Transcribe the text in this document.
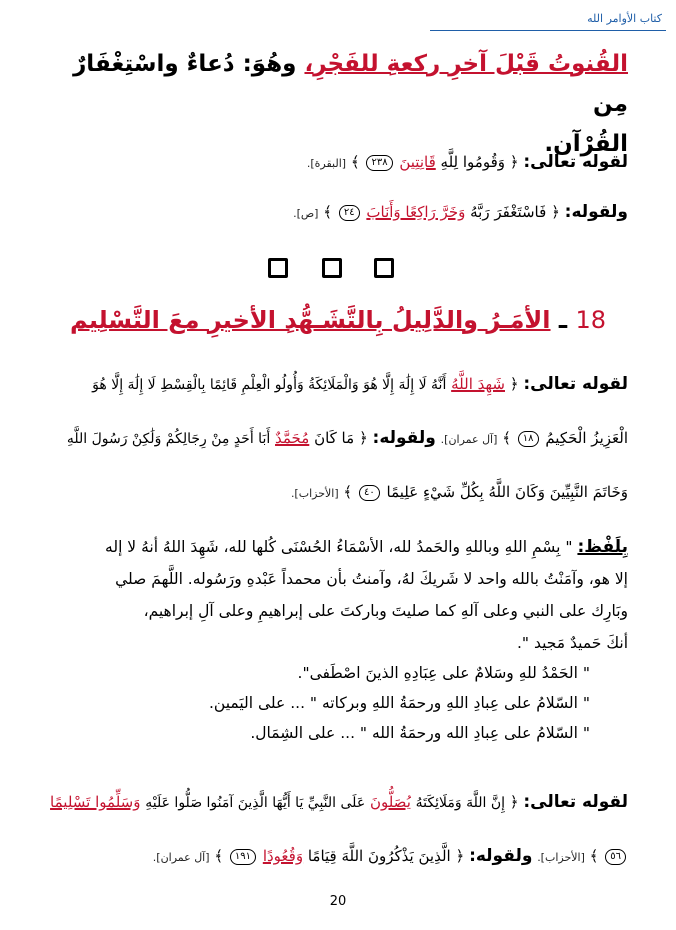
كتاب الأوامر الله
القُنوتُ قَبْلَ آخرِ ركعةِ للفَجْرِ، وهُوَ: دُعاءٌ واسْتِغْفَارٌ مِن
القُرْآن.
لقوله تعالى: ﴿ وَقُومُوا لِلَّهِ قَانِتِينَ ٢٣٨ ﴾ [البقرة].
ولقوله: ﴿ فَاسْتَغْفَرَ رَبَّهُ وَخَرَّ رَاكِعًا وَأَنَابَ ٢٤ ﴾ [ص].
18 ـ الأمَـرُ والدَّلِيلُ بِالتَّشَـهُّدِ الأخيرِ معَ التَّسْلِيم
لقوله تعالى: ﴿ شَهِدَ اللَّهُ أَنَّهُ لَا إِلَٰهَ إِلَّا هُوَ وَالْمَلَائِكَةُ وَأُولُو الْعِلْمِ قَائِمًا بِالْقِسْطِ لَا إِلَٰهَ إِلَّا هُوَ
الْعَزِيزُ الْحَكِيمُ ١٨ ﴾ [آل عمران]. ولقوله: ﴿ مَا كَانَ مُحَمَّدٌ أَبَا أَحَدٍ مِنْ رِجَالِكُمْ وَلَٰكِنْ رَسُولَ اللَّهِ
وَخَاتَمَ النَّبِيِّينَ وَكَانَ اللَّهُ بِكُلِّ شَيْءٍ عَلِيمًا ٤٠ ﴾ [الأحزاب].
بِلَفْظ: " بِسْمِ اللهِ وباللهِ والحَمدُ لله، الأسْمَاءُ الحُسْنَى كُلها لله، شَهِدَ اللهُ أنهُ لا إله
إلا هو، وآمَنْتُ بالله واحد لا شَريكَ لهُ، وآمنتُ بأن محمداً عَبْدهِ ورَسُوله. اللَّهمَ صلي
وبَارِك على النبي وعلى آلهِ كما صليتَ وباركتَ على إبراهيمِ وعلى آلِ إبراهيم،
أنكَ حَميدٌ مَجيد ".
" الحَمْدُ للهِ وسَلامٌ على عِبَادِهِ الذينَ اصْطَفى".
" السّلامُ على عِبادِ اللهِ ورحمَةُ اللهِ وبركاته " ... على اليَمين.
" السّلامُ على عِبادِ الله ورحمَةُ الله " ... على الشِمَال.
لقوله تعالى: ﴿ إِنَّ اللَّهَ وَمَلَائِكَتَهُ يُصَلُّونَ عَلَى النَّبِيِّ يَا أَيُّهَا الَّذِينَ آمَنُوا صَلُّوا عَلَيْهِ وَسَلِّمُوا تَسْلِيمًا
٥٦ ﴾ [الأحزاب]. ولقوله: ﴿ الَّذِينَ يَذْكُرُونَ اللَّهَ قِيَامًا وَقُعُودًا ١٩١ ﴾ [آل عمران].
20
